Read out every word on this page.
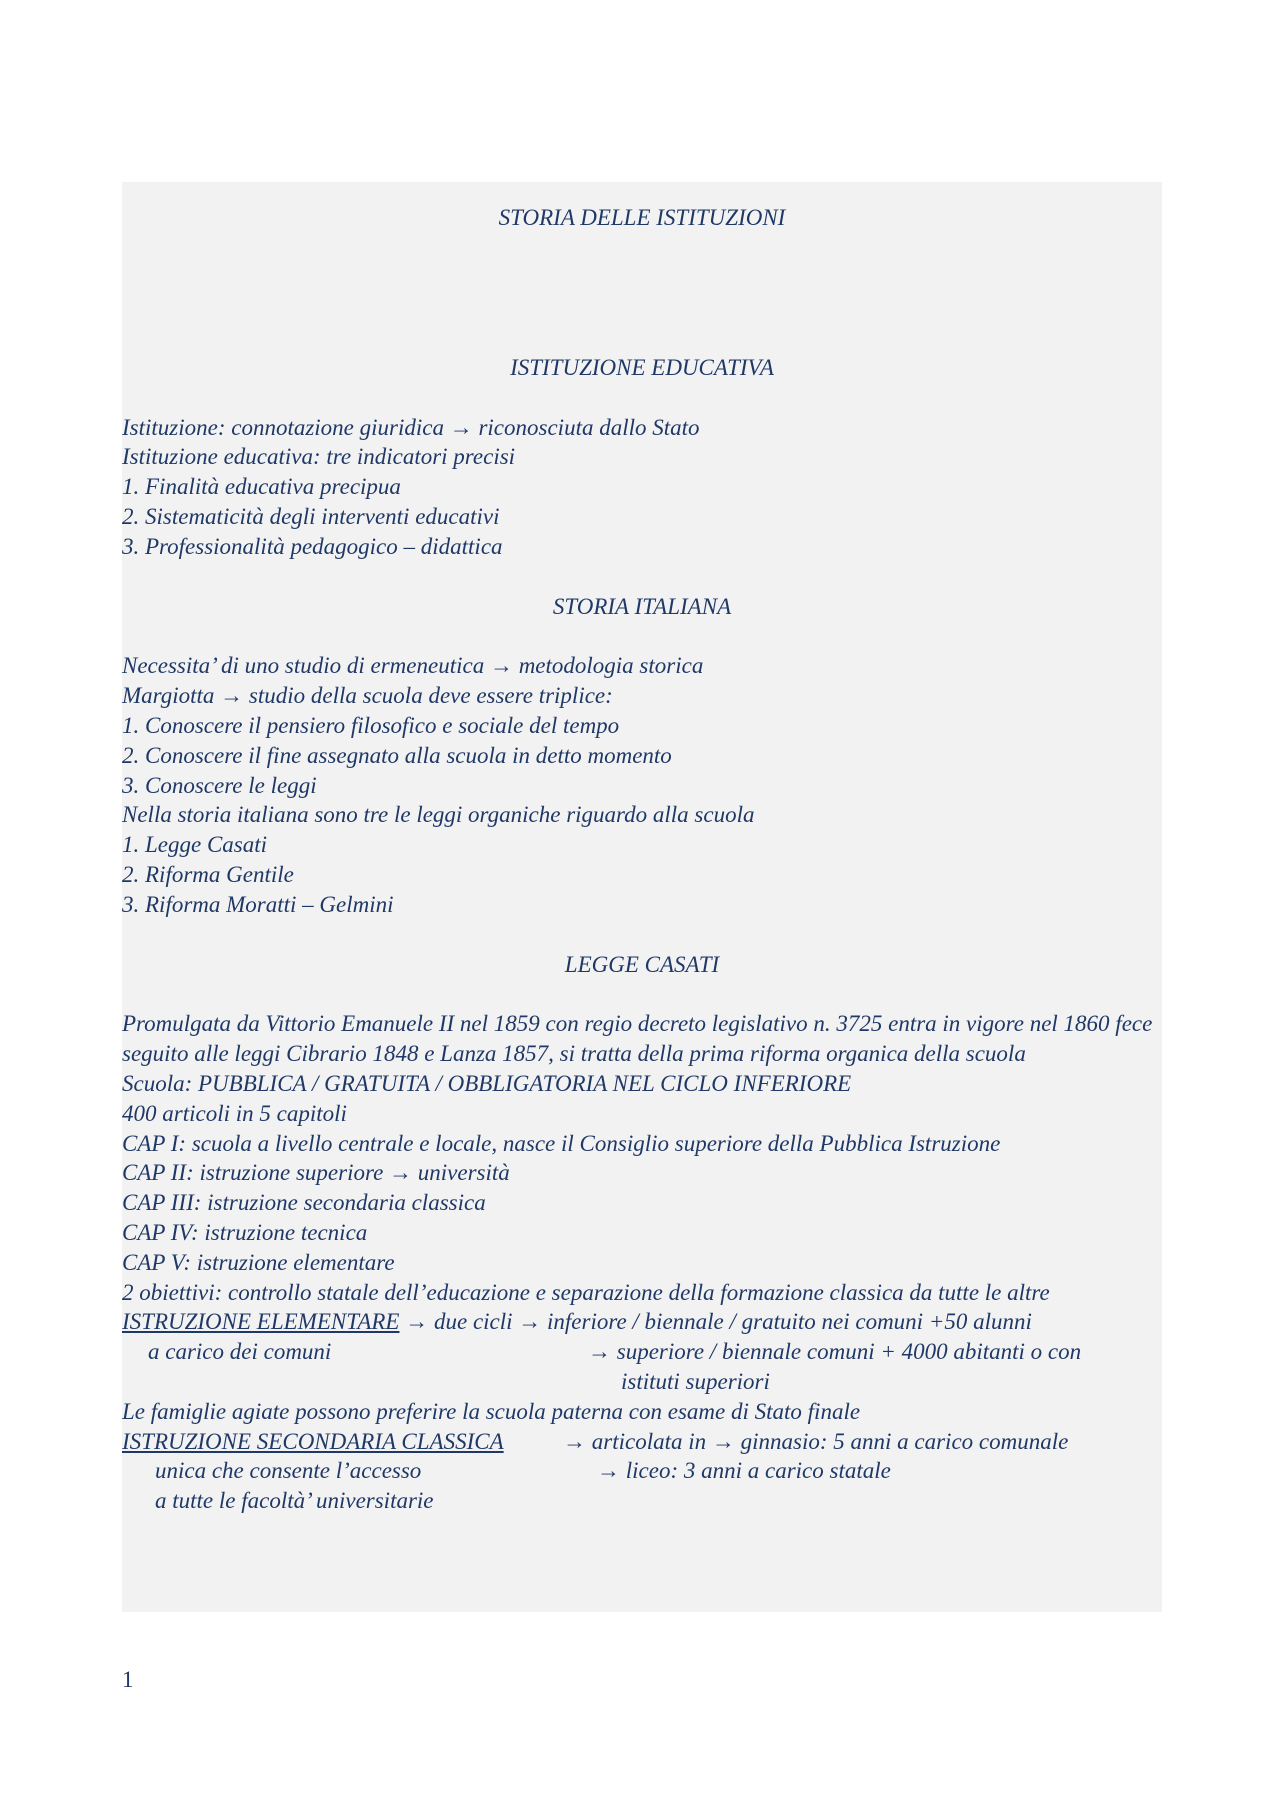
STORIA DELLE ISTITUZIONI
ISTITUZIONE EDUCATIVA
Istituzione: connotazione giuridica → riconosciuta dallo Stato
Istituzione educativa: tre indicatori precisi
1. Finalità educativa precipua
2. Sistematicità degli interventi educativi
3. Professionalità pedagogico – didattica
STORIA ITALIANA
Necessita’ di uno studio di ermeneutica → metodologia storica
Margiotta → studio della scuola deve essere triplice:
1. Conoscere il pensiero filosofico e sociale del tempo
2. Conoscere il fine assegnato alla scuola in detto momento
3. Conoscere le leggi
Nella storia italiana sono tre le leggi organiche riguardo alla scuola
1. Legge Casati
2. Riforma Gentile
3. Riforma Moratti – Gelmini
LEGGE CASATI
Promulgata da Vittorio Emanuele II nel 1859 con regio decreto legislativo n. 3725 entra in vigore nel 1860 fece seguito alle leggi Cibrario 1848 e Lanza 1857, si tratta della prima riforma organica della scuola
Scuola: PUBBLICA / GRATUITA / OBBLIGATORIA NEL CICLO INFERIORE
400 articoli in 5 capitoli
CAP I: scuola a livello centrale e locale, nasce il Consiglio superiore della Pubblica Istruzione
CAP II: istruzione superiore → università
CAP III: istruzione secondaria classica
CAP IV: istruzione tecnica
CAP V: istruzione elementare
2 obiettivi: controllo statale dell’educazione e separazione della formazione classica da tutte le altre
ISTRUZIONE ELEMENTARE → due cicli → inferiore / biennale / gratuito nei comuni +50 alunni
a carico dei comuni	→ superiore / biennale comuni + 4000 abitanti o con
istituti superiori
Le famiglie agiate possono preferire la scuola paterna con esame di Stato finale
ISTRUZIONE SECONDARIA CLASSICA	→ articolata in → ginnasio: 5 anni a carico comunale
unica che consente l’accesso	→ liceo: 3 anni a carico statale
a tutte le facoltà’ universitarie
1
